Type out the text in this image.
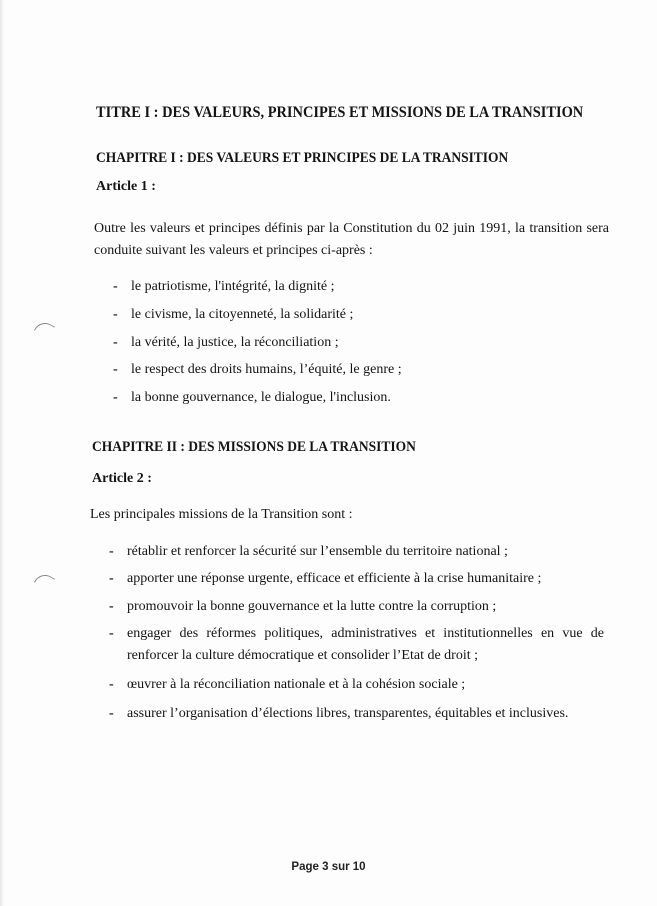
TITRE I : DES VALEURS, PRINCIPES ET MISSIONS DE LA TRANSITION
CHAPITRE I : DES VALEURS ET PRINCIPES DE LA TRANSITION
Article 1 :
Outre les valeurs et principes définis par la Constitution du 02 juin 1991, la transition sera
conduite suivant les valeurs et principes ci-après :
- le patriotisme, l'intégrité, la dignité ;
- le civisme, la citoyenneté, la solidarité ;
- la vérité, la justice, la réconciliation ;
- le respect des droits humains, l’équité, le genre ;
- la bonne gouvernance, le dialogue, l'inclusion.
CHAPITRE II : DES MISSIONS DE LA TRANSITION
Article 2 :
Les principales missions de la Transition sont :
- rétablir et renforcer la sécurité sur l’ensemble du territoire national ;
- apporter une réponse urgente, efficace et efficiente à la crise humanitaire ;
- promouvoir la bonne gouvernance et la lutte contre la corruption ;
- engager des réformes politiques, administratives et institutionnelles en vue de
renforcer la culture démocratique et consolider l’Etat de droit ;
- œuvrer à la réconciliation nationale et à la cohésion sociale ;
- assurer l’organisation d’élections libres, transparentes, équitables et inclusives.
Page 3 sur 10
